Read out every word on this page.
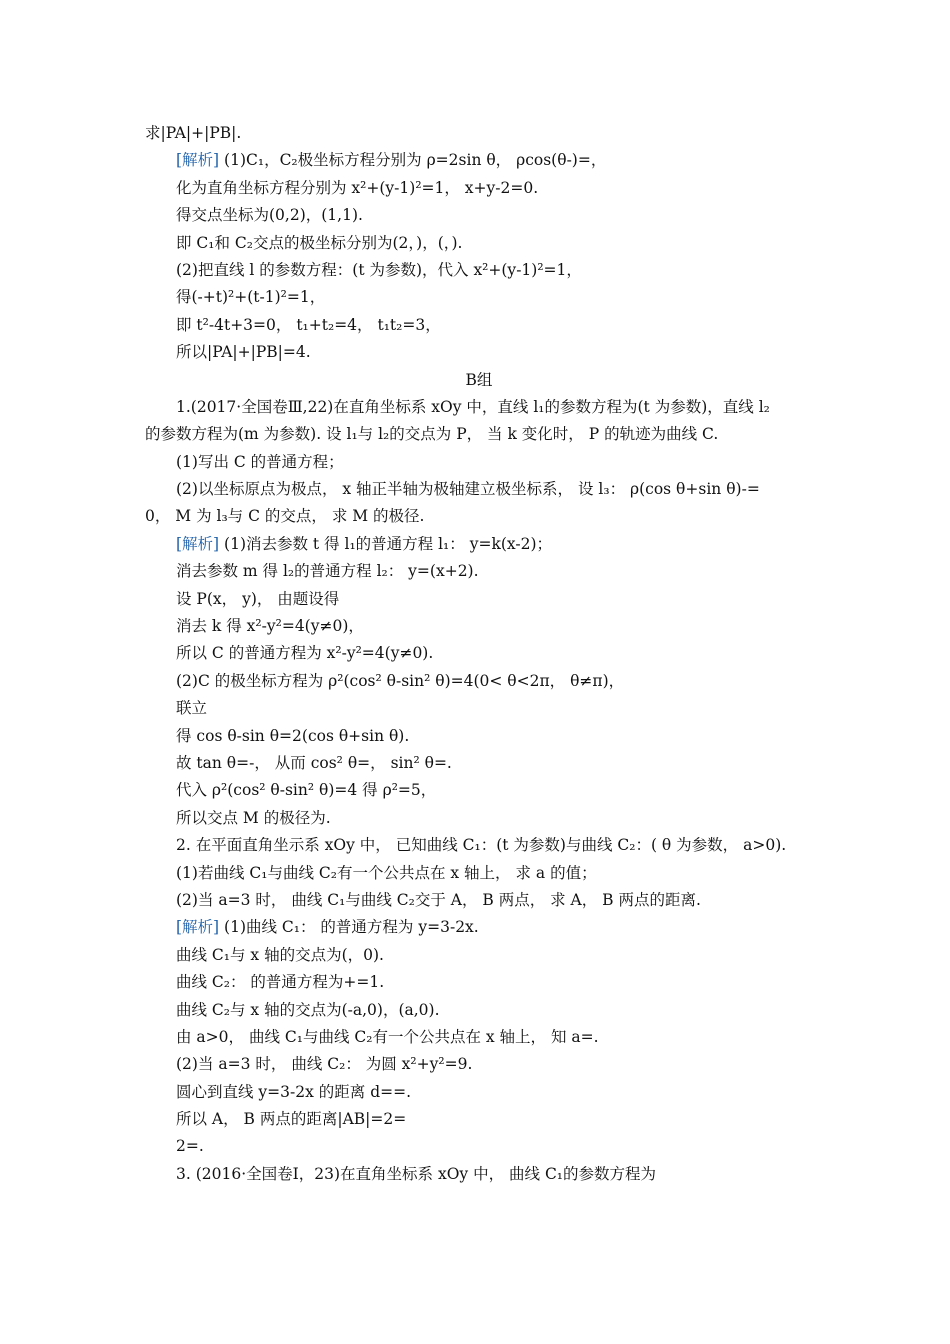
求|PA|+|PB|.
[解析] (1)C₁，C₂极坐标方程分别为 ρ=2sin θ， ρcos(θ-)=，
化为直角坐标方程分别为 x²+(y-1)²=1， x+y-2=0.
得交点坐标为(0,2)，(1,1).
即 C₁和 C₂交点的极坐标分别为(2，)，(，).
(2)把直线 l 的参数方程：(t 为参数)，代入 x²+(y-1)²=1，
得(-+t)²+(t-1)²=1，
即 t²-4t+3=0， t₁+t₂=4， t₁t₂=3，
所以|PA|+|PB|=4.
B组
1.(2017·全国卷Ⅲ,22)在直角坐标系 xOy 中，直线 l₁的参数方程为(t 为参数)，直线 l₂
的参数方程为(m 为参数). 设 l₁与 l₂的交点为 P， 当 k 变化时， P 的轨迹为曲线 C.
(1)写出 C 的普通方程；
(2)以坐标原点为极点， x 轴正半轴为极轴建立极坐标系， 设 l₃： ρ(cos θ+sin θ)-=
0， M 为 l₃与 C 的交点， 求 M 的极径.
[解析] (1)消去参数 t 得 l₁的普通方程 l₁： y=k(x-2)；
消去参数 m 得 l₂的普通方程 l₂： y=(x+2).
设 P(x， y)， 由题设得
消去 k 得 x²-y²=4(y≠0)，
所以 C 的普通方程为 x²-y²=4(y≠0).
(2)C 的极坐标方程为 ρ²(cos² θ-sin² θ)=4(0< θ<2π， θ≠π)，
联立
得 cos θ-sin θ=2(cos θ+sin θ).
故 tan θ=-， 从而 cos² θ=， sin² θ=.
代入 ρ²(cos² θ-sin² θ)=4 得 ρ²=5，
所以交点 M 的极径为.
2. 在平面直角坐示系 xOy 中， 已知曲线 C₁：(t 为参数)与曲线 C₂：( θ 为参数， a>0).
(1)若曲线 C₁与曲线 C₂有一个公共点在 x 轴上， 求 a 的值；
(2)当 a=3 时， 曲线 C₁与曲线 C₂交于 A， B 两点， 求 A， B 两点的距离.
[解析] (1)曲线 C₁： 的普通方程为 y=3-2x.
曲线 C₁与 x 轴的交点为(，0).
曲线 C₂： 的普通方程为+=1.
曲线 C₂与 x 轴的交点为(-a,0)，(a,0).
由 a>0， 曲线 C₁与曲线 C₂有一个公共点在 x 轴上， 知 a=.
(2)当 a=3 时， 曲线 C₂： 为圆 x²+y²=9.
圆心到直线 y=3-2x 的距离 d==.
所以 A， B 两点的距离|AB|=2=
2=.
3. (2016·全国卷Ⅰ，23)在直角坐标系 xOy 中， 曲线 C₁的参数方程为
